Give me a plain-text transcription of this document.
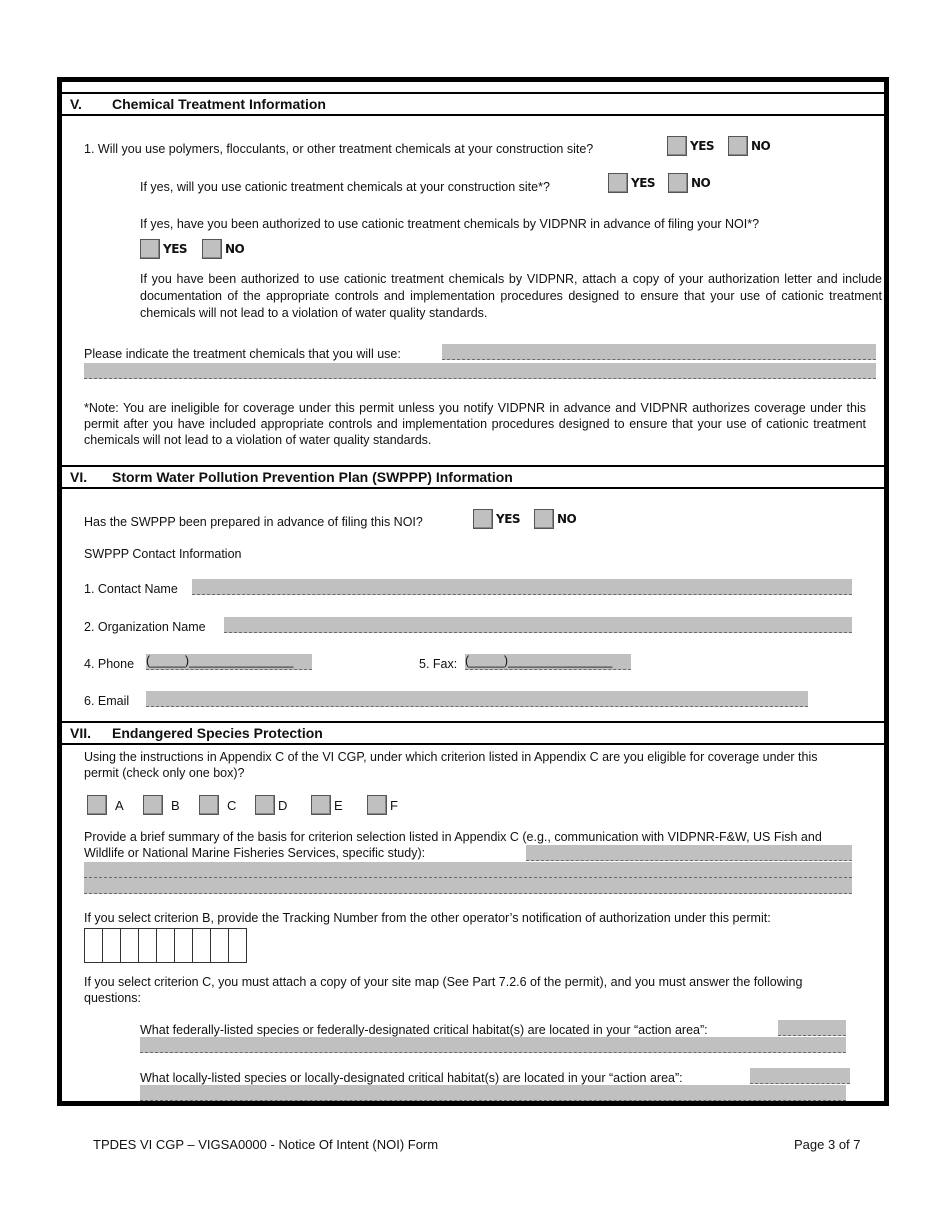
V. Chemical Treatment Information
1. Will you use polymers, flocculants, or other treatment chemicals at your construction site?	YES	NO
If yes, will you use cationic treatment chemicals at your construction site*?	YES	NO
If yes, have you been authorized to use cationic treatment chemicals by VIDPNR in advance of filing your NOI*?
YES	NO
If you have been authorized to use cationic treatment chemicals by VIDPNR, attach a copy of your authorization letter and include documentation of the appropriate controls and implementation procedures designed to ensure that your use of cationic treatment chemicals will not lead to a violation of water quality standards.
Please indicate the treatment chemicals that you will use:
*Note: You are ineligible for coverage under this permit unless you notify VIDPNR in advance and VIDPNR authorizes coverage under this permit after you have included appropriate controls and implementation procedures designed to ensure that your use of cationic treatment chemicals will not lead to a violation of water quality standards.
VI. Storm Water Pollution Prevention Plan (SWPPP) Information
Has the SWPPP been prepared in advance of filing this NOI?	YES	NO
SWPPP Contact Information
1. Contact Name
2. Organization Name
4. Phone (_____)_______________	5. Fax: (_____)_______________
6. Email
VII. Endangered Species Protection
Using the instructions in Appendix C of the VI CGP, under which criterion listed in Appendix C are you eligible for coverage under this permit (check only one box)?
A	B	C	D	E	F
Provide a brief summary of the basis for criterion selection listed in Appendix C (e.g., communication with VIDPNR-F&W, US Fish and Wildlife or National Marine Fisheries Services, specific study):
If you select criterion B, provide the Tracking Number from the other operator’s notification of authorization under this permit:
If you select criterion C, you must attach a copy of your site map (See Part 7.2.6 of the permit), and you must answer the following questions:
What federally-listed species or federally-designated critical habitat(s) are located in your “action area”:
What locally-listed species or locally-designated critical habitat(s) are located in your “action area”:
TPDES VI CGP – VIGSA0000 - Notice Of Intent (NOI) Form	Page 3 of 7
